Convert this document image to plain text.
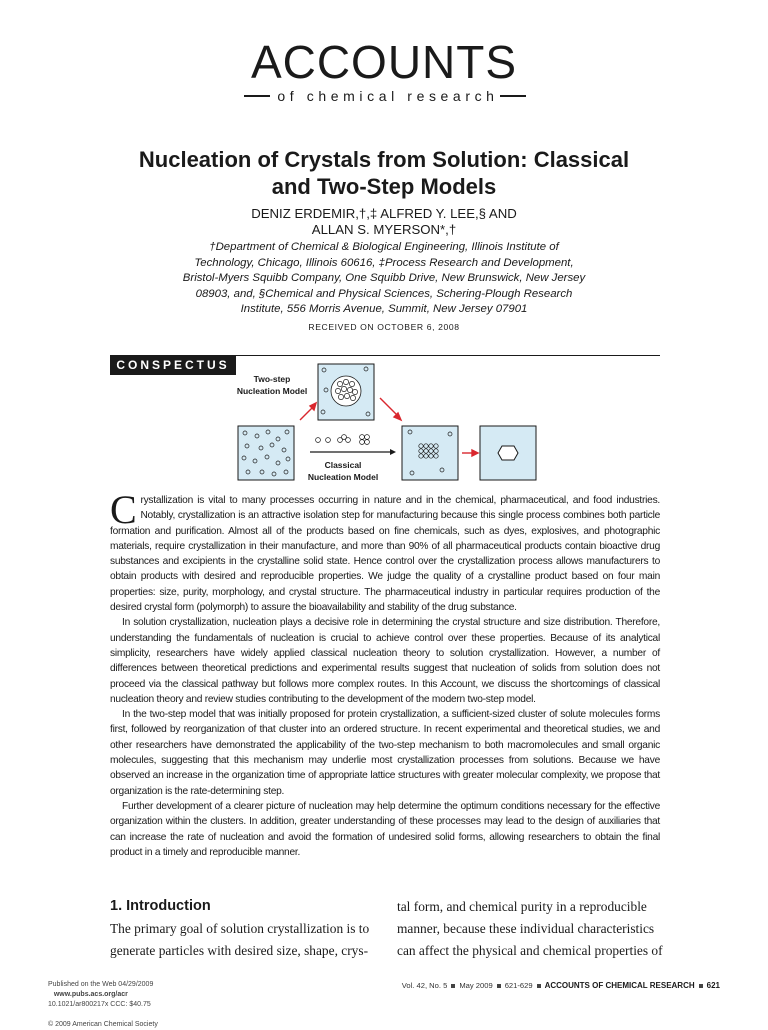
ACCOUNTS
of chemical research
Nucleation of Crystals from Solution: Classical
and Two-Step Models
DENIZ ERDEMIR,†,‡ ALFRED Y. LEE,§ AND
ALLAN S. MYERSON*,†
†Department of Chemical & Biological Engineering, Illinois Institute of
Technology, Chicago, Illinois 60616, ‡Process Research and Development,
Bristol-Myers Squibb Company, One Squibb Drive, New Brunswick, New Jersey
08903, and, §Chemical and Physical Sciences, Schering-Plough Research
Institute, 556 Morris Avenue, Summit, New Jersey 07901
RECEIVED ON OCTOBER 6, 2008
CONSPECTUS
Two-step
Nucleation Model
Classical
Nucleation Model

Crystallization is vital to many processes occurring in nature and in the chemical, pharmaceutical, and food industries. Notably, crystallization is an attractive isolation step for manufacturing because this single process combines both particle formation and purification. Almost all of the products based on fine chemicals, such as dyes, explosives, and photographic materials, require crystallization in their manufacture, and more than 90% of all pharmaceutical products contain bioactive drug substances and excipients in the crystalline solid state. Hence control over the crystallization process allows manufacturers to obtain products with desired and reproducible properties. We judge the quality of a crystalline product based on four main properties: size, purity, morphology, and crystal structure. The pharmaceutical industry in particular requires production of the desired crystal form (polymorph) to assure the bioavailability and stability of the drug substance.

In solution crystallization, nucleation plays a decisive role in determining the crystal structure and size distribution. Therefore, understanding the fundamentals of nucleation is crucial to achieve control over these properties. Because of its analytical simplicity, researchers have widely applied classical nucleation theory to solution crystallization. However, a number of differences between theoretical predictions and experimental results suggest that nucleation of solids from solution does not proceed via the classical pathway but follows more complex routes. In this Account, we discuss the shortcomings of classical nucleation theory and review studies contributing to the development of the modern two-step model.

In the two-step model that was initially proposed for protein crystallization, a sufficient-sized cluster of solute molecules forms first, followed by reorganization of that cluster into an ordered structure. In recent experimental and theoretical studies, we and other researchers have demonstrated the applicability of the two-step mechanism to both macromolecules and small organic molecules, suggesting that this mechanism may underlie most crystallization processes from solutions. Because we have observed an increase in the organization time of appropriate lattice structures with greater molecular complexity, we propose that organization is the rate-determining step.

Further development of a clearer picture of nucleation may help determine the optimum conditions necessary for the effective organization within the clusters. In addition, greater understanding of these processes may lead to the design of auxiliaries that can increase the rate of nucleation and avoid the formation of undesired solid forms, allowing researchers to obtain the final product in a timely and reproducible manner.

1. Introduction
The primary goal of solution crystallization is to
generate particles with desired size, shape, crys-
tal form, and chemical purity in a reproducible
manner, because these individual characteristics
can affect the physical and chemical properties of
Published on the Web 04/29/2009
www.pubs.acs.org/acr
10.1021/ar800217x CCC: $40.75

© 2009 American Chemical Society
Vol. 42, No. 5 May 2009 621-629 ACCOUNTS OF CHEMICAL RESEARCH 621
